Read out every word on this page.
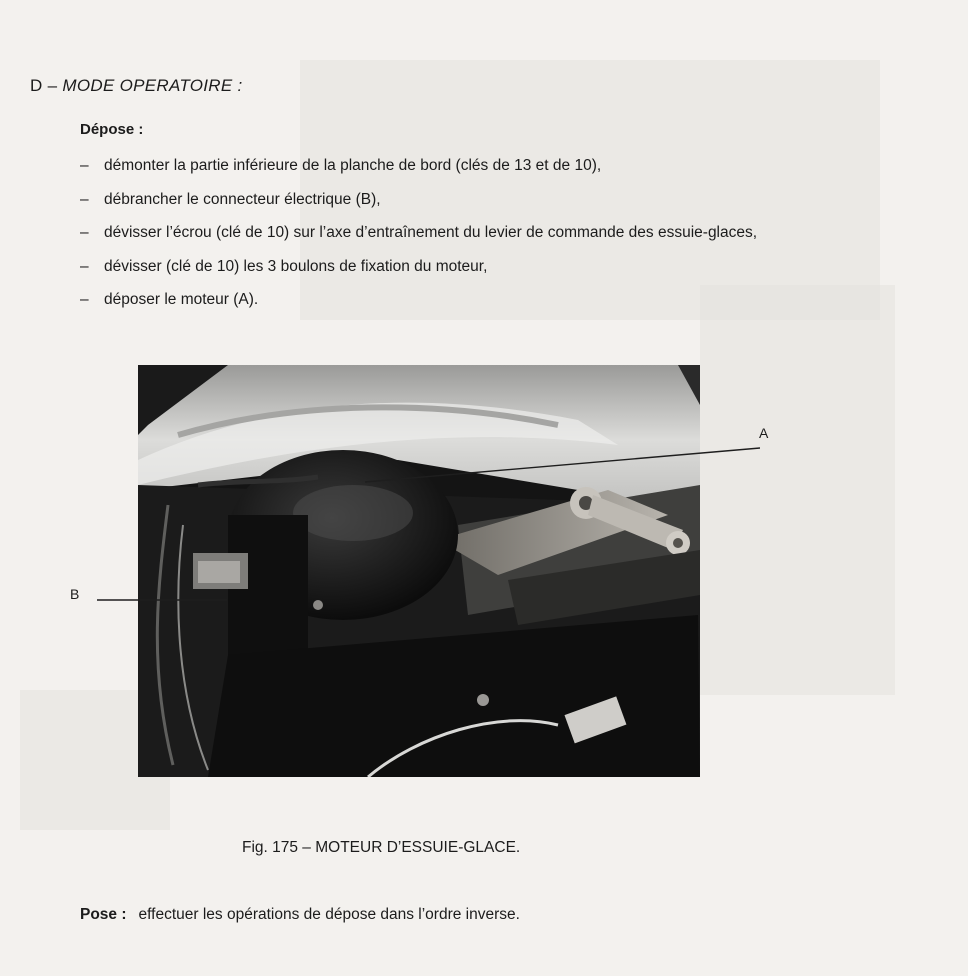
D – MODE OPERATOIRE :
Dépose :
– démonter la partie inférieure de la planche de bord (clés de 13 et de 10),
– débrancher le connecteur électrique (B),
– dévisser l’écrou (clé de 10) sur l’axe d’entraînement du levier de commande des essuie-glaces,
– dévisser (clé de 10) les 3 boulons de fixation du moteur,
– déposer le moteur (A).
A
B
Fig. 175 – MOTEUR D’ESSUIE-GLACE.
Pose : effectuer les opérations de dépose dans l’ordre inverse.
